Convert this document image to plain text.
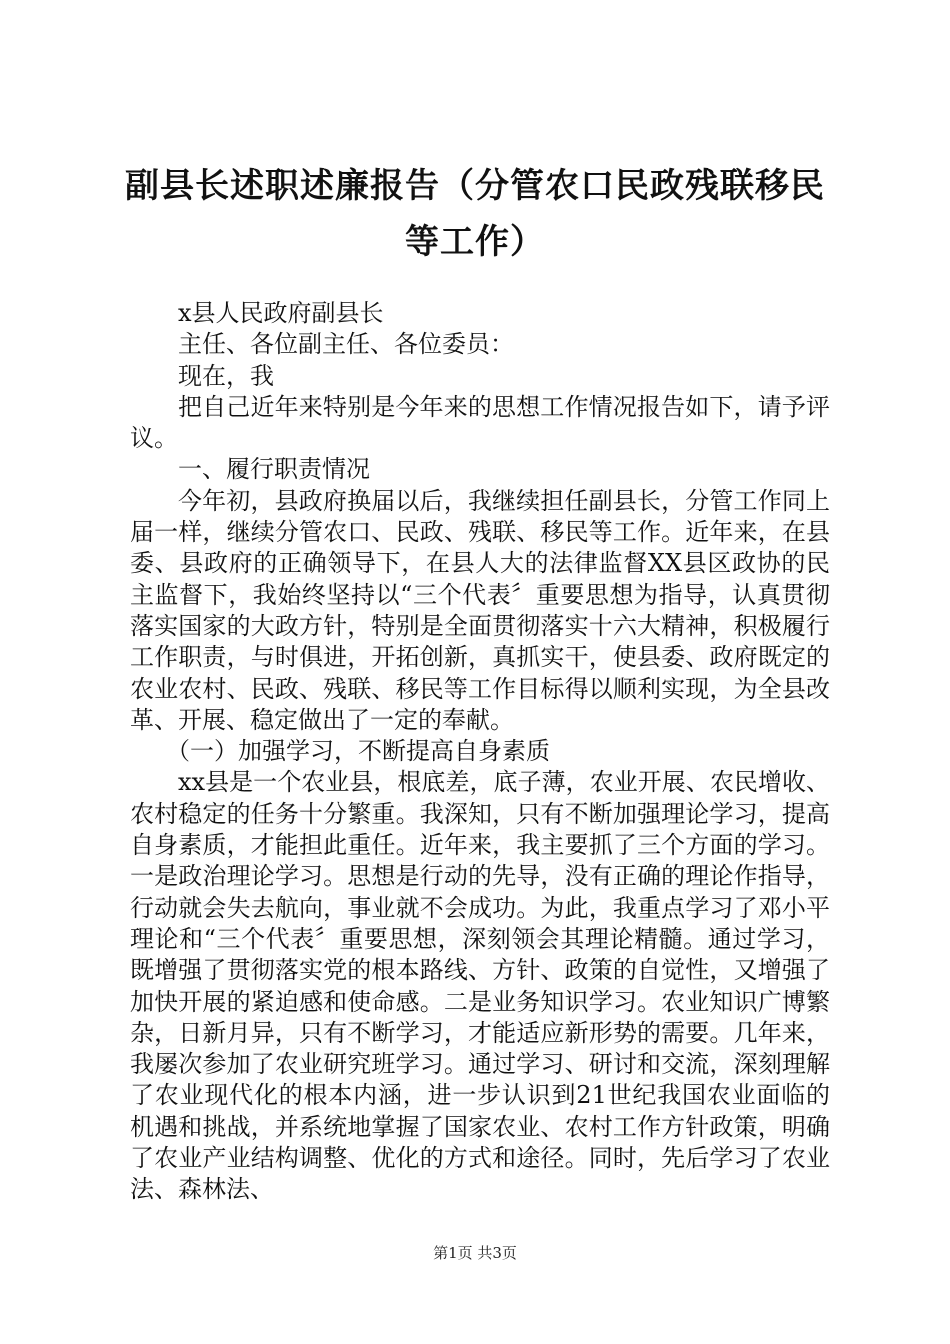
副县长述职述廉报告（分管农口民政残联移民等工作）

x县人民政府副县长

主任、各位副主任、各位委员：

现在，我

把自己近年来特别是今年来的思想工作情况报告如下，请予评议。

一、履行职责情况

今年初，县政府换届以后，我继续担任副县长，分管工作同上届一样，继续分管农口、民政、残联、移民等工作。近年来，在县委、县政府的正确领导下，在县人大的法律监督XX县区政协的民主监督下，我始终坚持以“三个代表〞重要思想为指导，认真贯彻落实国家的大政方针，特别是全面贯彻落实十六大精神，积极履行工作职责，与时俱进，开拓创新，真抓实干，使县委、政府既定的农业农村、民政、残联、移民等工作目标得以顺利实现，为全县改革、开展、稳定做出了一定的奉献。

（一）加强学习，不断提高自身素质

xx县是一个农业县，根底差，底子薄，农业开展、农民增收、农村稳定的任务十分繁重。我深知，只有不断加强理论学习，提高自身素质，才能担此重任。近年来，我主要抓了三个方面的学习。一是政治理论学习。思想是行动的先导，没有正确的理论作指导，行动就会失去航向，事业就不会成功。为此，我重点学习了邓小平理论和“三个代表〞重要思想，深刻领会其理论精髓。通过学习，既增强了贯彻落实党的根本路线、方针、政策的自觉性，又增强了加快开展的紧迫感和使命感。二是业务知识学习。农业知识广博繁杂，日新月异，只有不断学习，才能适应新形势的需要。几年来，我屡次参加了农业研究班学习。通过学习、研讨和交流，深刻理解了农业现代化的根本内涵，进一步认识到21世纪我国农业面临的机遇和挑战，并系统地掌握了国家农业、农村工作方针政策，明确了农业产业结构调整、优化的方式和途径。同时，先后学习了农业法、森林法、

第1页 共3页
